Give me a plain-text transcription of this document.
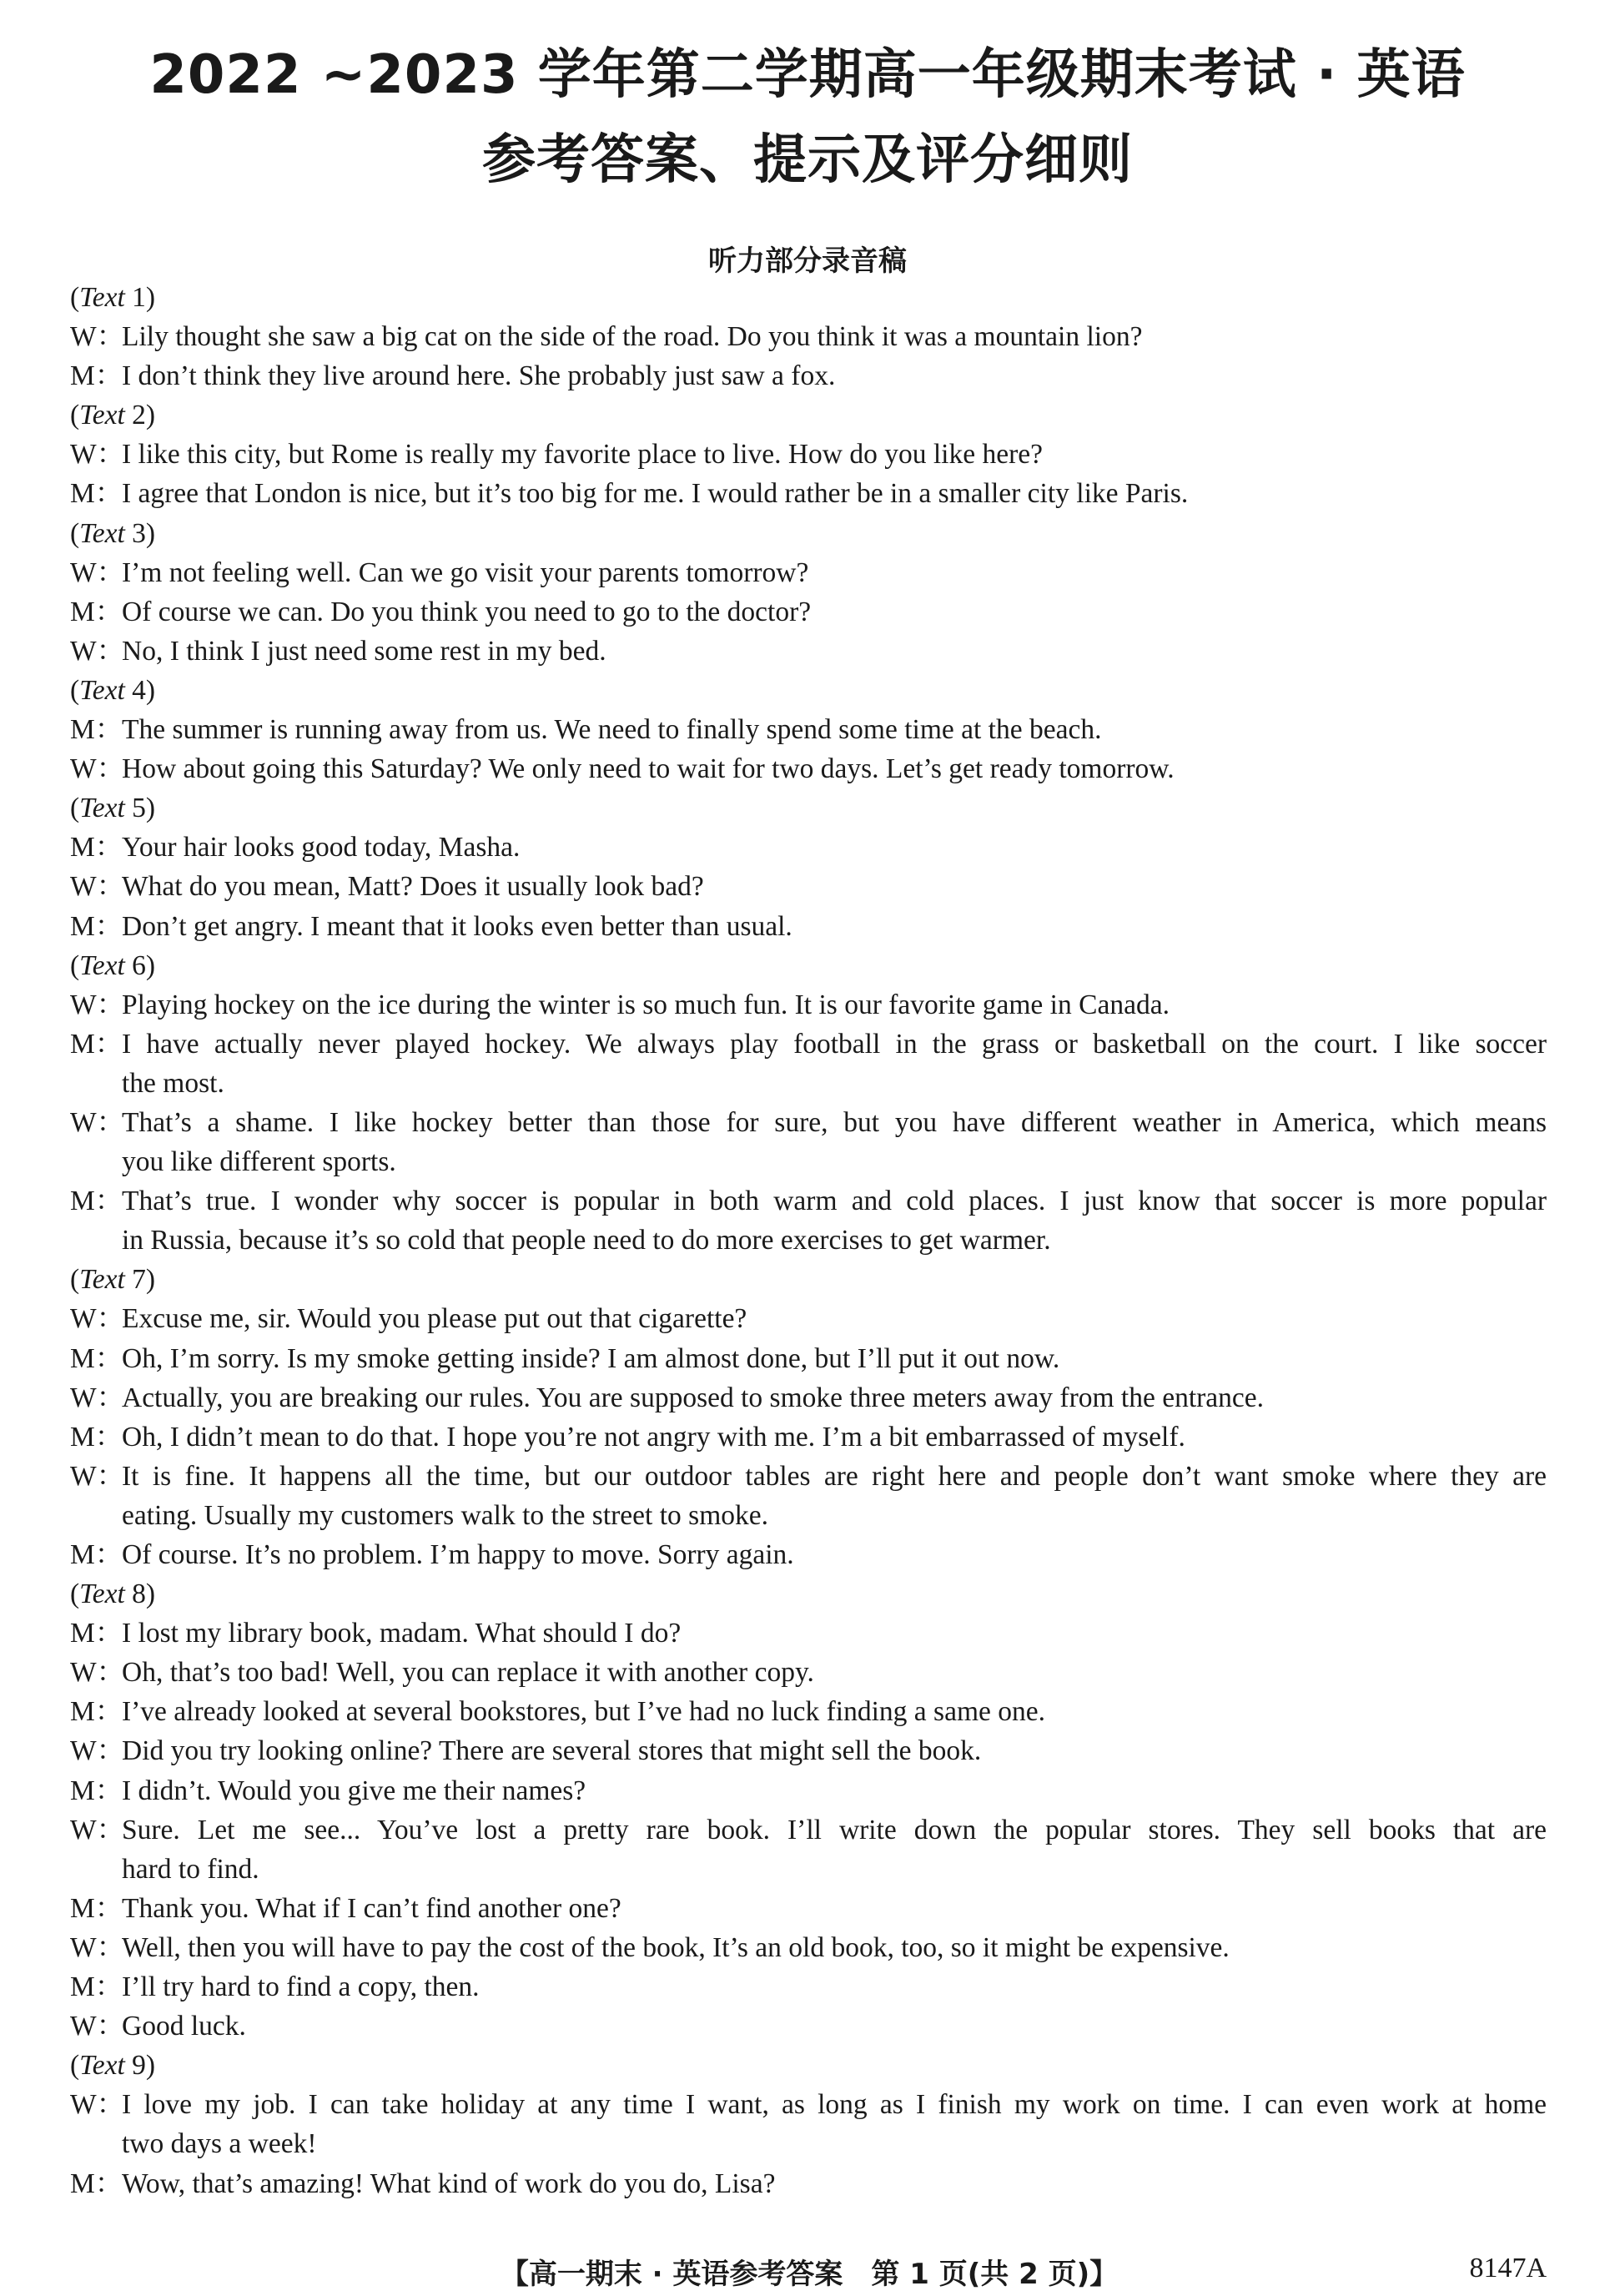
2022 ~2023 学年第二学期高一年级期末考试 · 英语
参考答案、提示及评分细则
听力部分录音稿
(Text 1)
W：Lily thought she saw a big cat on the side of the road. Do you think it was a mountain lion?
M：I don’t think they live around here. She probably just saw a fox.
(Text 2)
W：I like this city, but Rome is really my favorite place to live. How do you like here?
M：I agree that London is nice, but it’s too big for me. I would rather be in a smaller city like Paris.
(Text 3)
W：I’m not feeling well. Can we go visit your parents tomorrow?
M：Of course we can. Do you think you need to go to the doctor?
W：No, I think I just need some rest in my bed.
(Text 4)
M：The summer is running away from us. We need to finally spend some time at the beach.
W：How about going this Saturday? We only need to wait for two days. Let’s get ready tomorrow.
(Text 5)
M：Your hair looks good today, Masha.
W：What do you mean, Matt? Does it usually look bad?
M：Don’t get angry. I meant that it looks even better than usual.
(Text 6)
W：Playing hockey on the ice during the winter is so much fun. It is our favorite game in Canada.
M：I have actually never played hockey. We always play football in the grass or basketball on the court. I like soccer
the most.
W：That’s a shame. I like hockey better than those for sure, but you have different weather in America, which means
you like different sports.
M：That’s true. I wonder why soccer is popular in both warm and cold places. I just know that soccer is more popular
in Russia, because it’s so cold that people need to do more exercises to get warmer.
(Text 7)
W：Excuse me, sir. Would you please put out that cigarette?
M：Oh, I’m sorry. Is my smoke getting inside? I am almost done, but I’ll put it out now.
W：Actually, you are breaking our rules. You are supposed to smoke three meters away from the entrance.
M：Oh, I didn’t mean to do that. I hope you’re not angry with me. I’m a bit embarrassed of myself.
W：It is fine. It happens all the time, but our outdoor tables are right here and people don’t want smoke where they are
eating. Usually my customers walk to the street to smoke.
M：Of course. It’s no problem. I’m happy to move. Sorry again.
(Text 8)
M：I lost my library book, madam. What should I do?
W：Oh, that’s too bad! Well, you can replace it with another copy.
M：I’ve already looked at several bookstores, but I’ve had no luck finding a same one.
W：Did you try looking online? There are several stores that might sell the book.
M：I didn’t. Would you give me their names?
W：Sure. Let me see... You’ve lost a pretty rare book. I’ll write down the popular stores. They sell books that are
hard to find.
M：Thank you. What if I can’t find another one?
W：Well, then you will have to pay the cost of the book, It’s an old book, too, so it might be expensive.
M：I’ll try hard to find a copy, then.
W：Good luck.
(Text 9)
W：I love my job. I can take holiday at any time I want, as long as I finish my work on time. I can even work at home
two days a week!
M：Wow, that’s amazing! What kind of work do you do, Lisa?
【高一期末 · 英语参考答案　第 1 页(共 2 页)】	8147A
